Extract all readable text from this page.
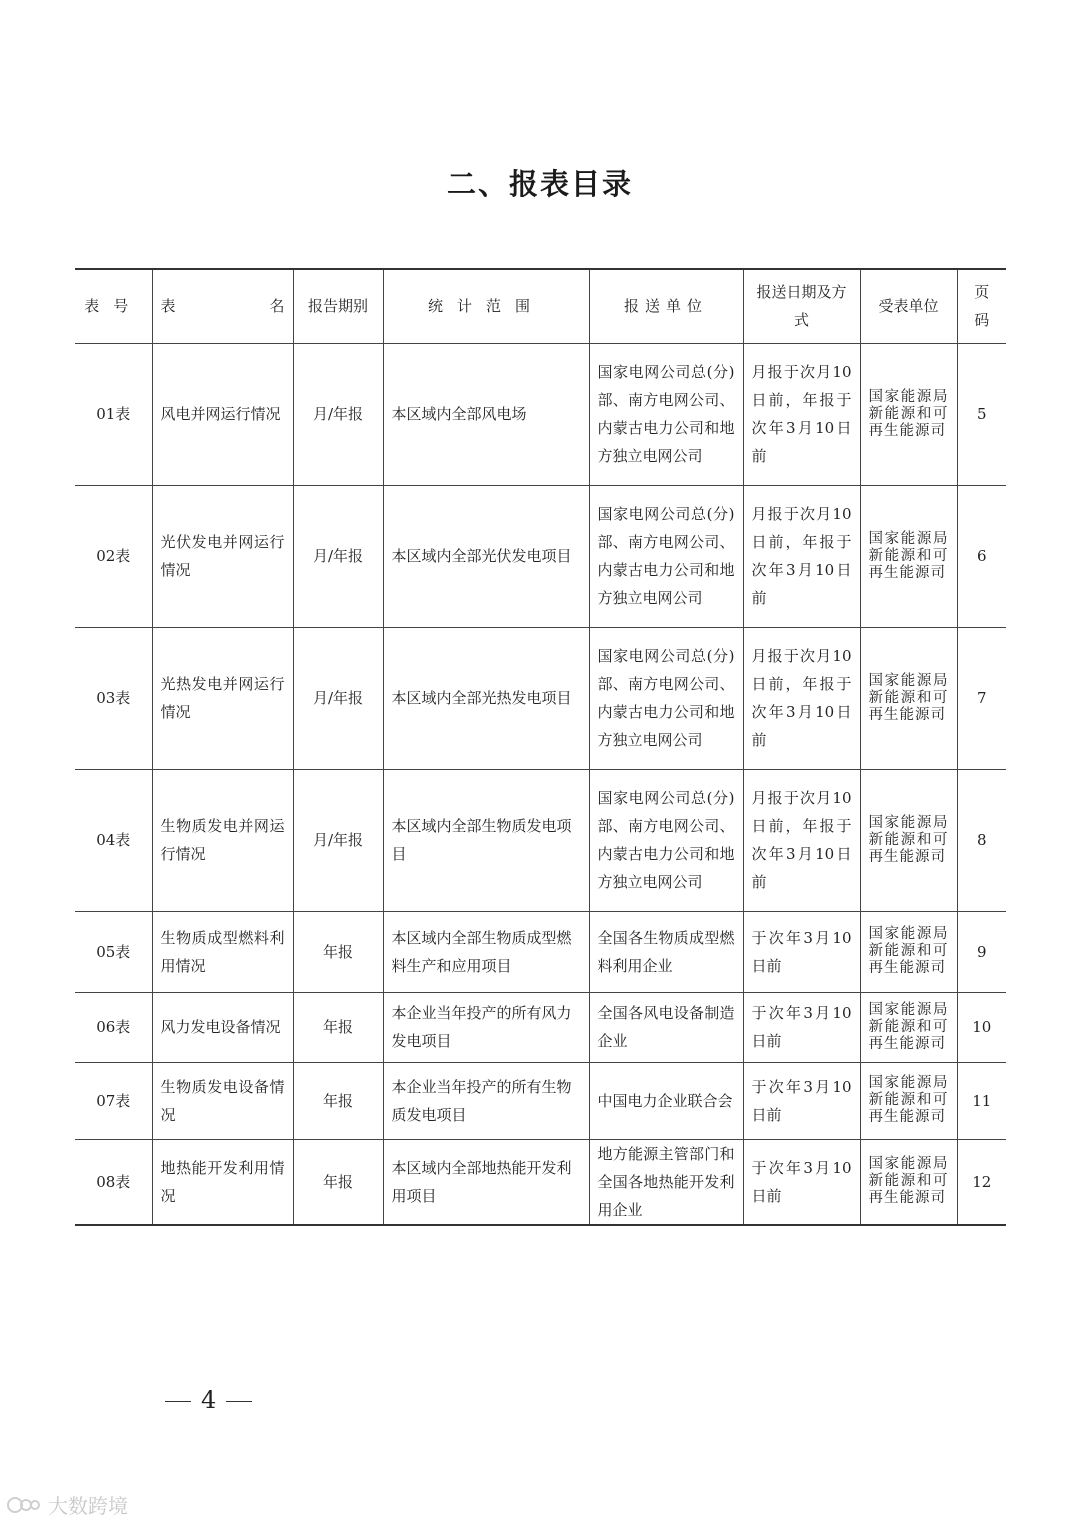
二、报表目录
表号	表名	报告期别	统计范围	报送单位	报送日期及方式	受表单位	页码
01表	风电并网运行情况	月/年报	本区域内全部风电场	国家电网公司总(分)部、南方电网公司、内蒙古电力公司和地方独立电网公司	月报于次月10日前，年报于次年3月10日前	国家能源局新能源和可再生能源司	5
02表	光伏发电并网运行情况	月/年报	本区域内全部光伏发电项目	国家电网公司总(分)部、南方电网公司、内蒙古电力公司和地方独立电网公司	月报于次月10日前，年报于次年3月10日前	国家能源局新能源和可再生能源司	6
03表	光热发电并网运行情况	月/年报	本区域内全部光热发电项目	国家电网公司总(分)部、南方电网公司、内蒙古电力公司和地方独立电网公司	月报于次月10日前，年报于次年3月10日前	国家能源局新能源和可再生能源司	7
04表	生物质发电并网运行情况	月/年报	本区域内全部生物质发电项目	国家电网公司总(分)部、南方电网公司、内蒙古电力公司和地方独立电网公司	月报于次月10日前，年报于次年3月10日前	国家能源局新能源和可再生能源司	8
05表	生物质成型燃料利用情况	年报	本区域内全部生物质成型燃料生产和应用项目	全国各生物质成型燃料利用企业	于次年3月10日前	国家能源局新能源和可再生能源司	9
06表	风力发电设备情况	年报	本企业当年投产的所有风力发电项目	全国各风电设备制造企业	于次年3月10日前	国家能源局新能源和可再生能源司	10
07表	生物质发电设备情况	年报	本企业当年投产的所有生物质发电项目	中国电力企业联合会	于次年3月10日前	国家能源局新能源和可再生能源司	11
08表	地热能开发利用情况	年报	本区域内全部地热能开发利用项目	地方能源主管部门和全国各地热能开发利用企业	于次年3月10日前	国家能源局新能源和可再生能源司	12
4
大数跨境
